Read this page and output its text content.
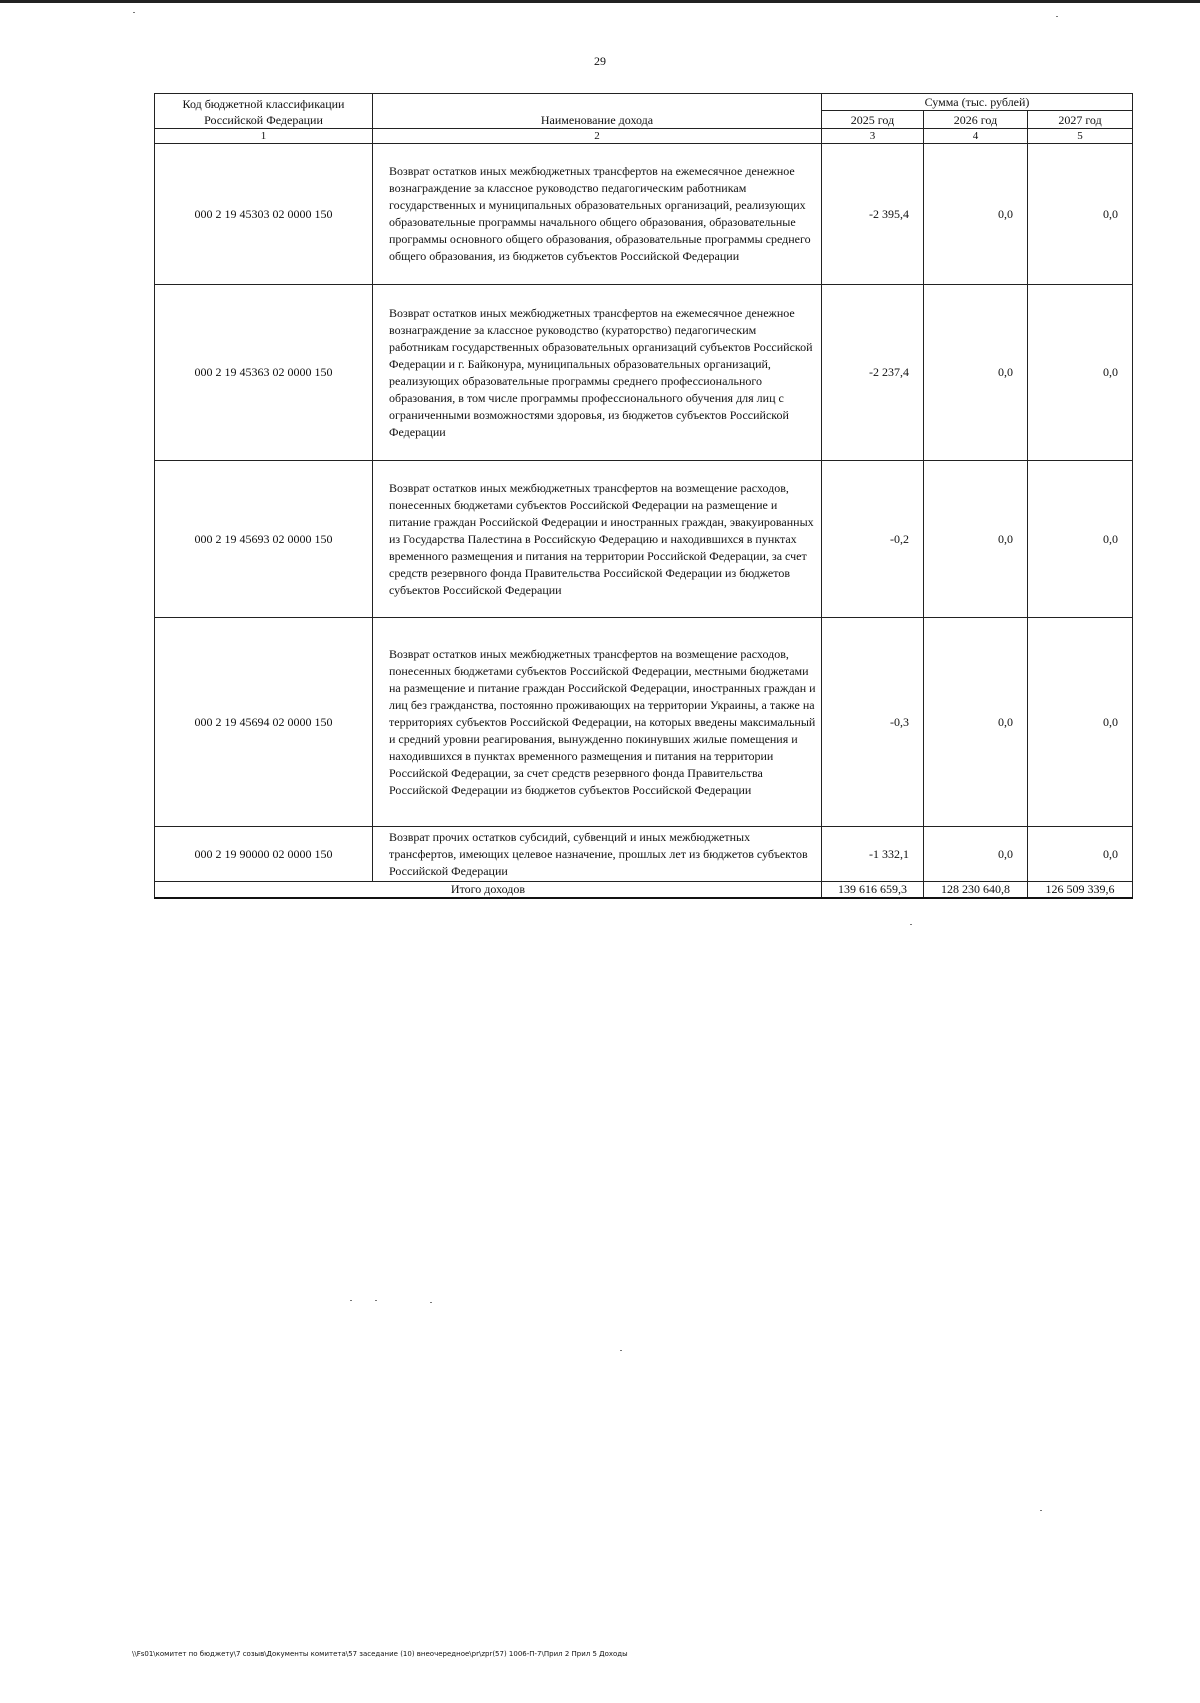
29
Код бюджетной классификации Российской Федерации	Наименование дохода	Сумма (тыс. рублей)		
		2025 год	2026 год	2027 год
1	2	3	4	5
000 2 19 45303 02 0000 150	Возврат остатков иных межбюджетных трансфертов на ежемесячное денежное вознаграждение за классное руководство педагогическим работникам государственных и муниципальных образовательных организаций, реализующих образовательные программы начального общего образования, образовательные программы основного общего образования, образовательные программы среднего общего образования, из бюджетов субъектов Российской Федерации	-2 395,4	0,0	0,0
000 2 19 45363 02 0000 150	Возврат остатков иных межбюджетных трансфертов на ежемесячное денежное вознаграждение за классное руководство (кураторство) педагогическим работникам государственных образовательных организаций субъектов Российской Федерации и г. Байконура, муниципальных образовательных организаций, реализующих образовательные программы среднего профессионального образования, в том числе программы профессионального обучения для лиц с ограниченными возможностями здоровья, из бюджетов субъектов Российской Федерации	-2 237,4	0,0	0,0
000 2 19 45693 02 0000 150	Возврат остатков иных межбюджетных трансфертов на возмещение расходов, понесенных бюджетами субъектов Российской Федерации на размещение и питание граждан Российской Федерации и иностранных граждан, эвакуированных из Государства Палестина в Российскую Федерацию и находившихся в пунктах временного размещения и питания на территории Российской Федерации, за счет средств резервного фонда Правительства Российской Федерации из бюджетов субъектов Российской Федерации	-0,2	0,0	0,0
000 2 19 45694 02 0000 150	Возврат остатков иных межбюджетных трансфертов на возмещение расходов, понесенных бюджетами субъектов Российской Федерации, местными бюджетами на размещение и питание граждан Российской Федерации, иностранных граждан и лиц без гражданства, постоянно проживающих на территории Украины, а также на территориях субъектов Российской Федерации, на которых введены максимальный и средний уровни реагирования, вынужденно покинувших жилые помещения и находившихся в пунктах временного размещения и питания на территории Российской Федерации, за счет средств резервного фонда Правительства Российской Федерации из бюджетов субъектов Российской Федерации	-0,3	0,0	0,0
000 2 19 90000 02 0000 150	Возврат прочих остатков субсидий, субвенций и иных межбюджетных трансфертов, имеющих целевое назначение, прошлых лет из бюджетов субъектов Российской Федерации	-1 332,1	0,0	0,0
Итого доходов		139 616 659,3	128 230 640,8	126 509 339,6
\\Fs01\комитет по бюджету\7 созыв\Документы комитета\57 заседание (10) внеочередное\pr\zpr(57) 1006-П-7\Прил 2 Прил 5 Доходы
